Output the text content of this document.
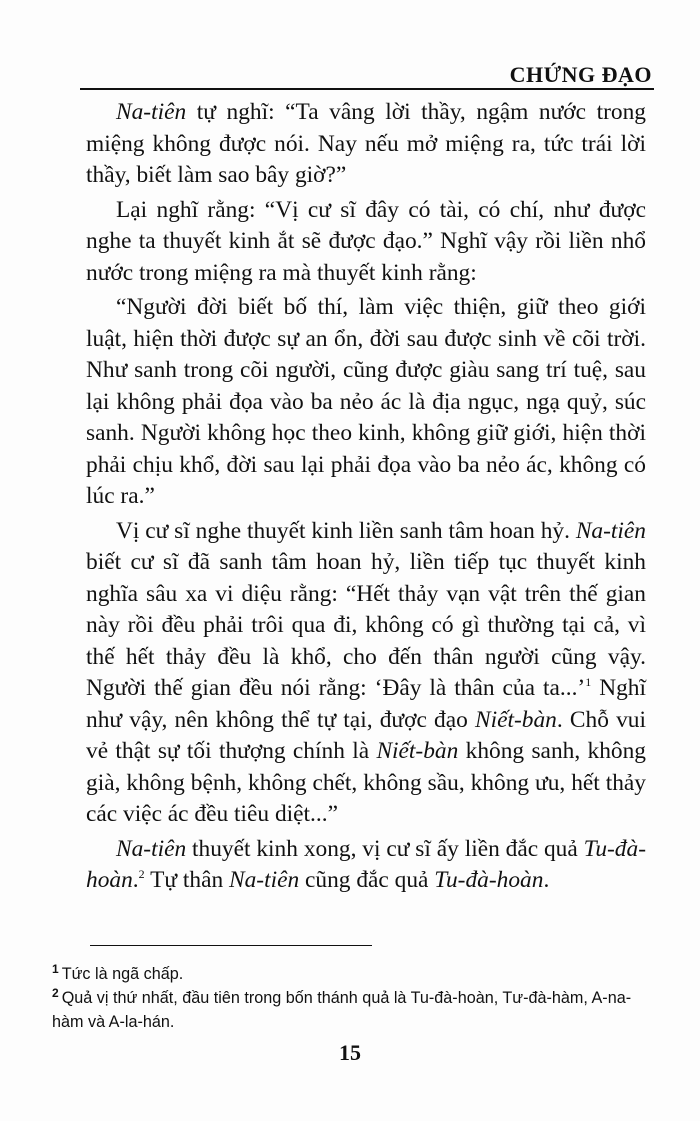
CHỨNG ĐẠO

Na-tiên tự nghĩ: “Ta vâng lời thầy, ngậm nước trong miệng không được nói. Nay nếu mở miệng ra, tức trái lời thầy, biết làm sao bây giờ?”

Lại nghĩ rằng: “Vị cư sĩ đây có tài, có chí, như được nghe ta thuyết kinh ắt sẽ được đạo.” Nghĩ vậy rồi liền nhổ nước trong miệng ra mà thuyết kinh rằng:

“Người đời biết bố thí, làm việc thiện, giữ theo giới luật, hiện thời được sự an ổn, đời sau được sinh về cõi trời. Như sanh trong cõi người, cũng được giàu sang trí tuệ, sau lại không phải đọa vào ba nẻo ác là địa ngục, ngạ quỷ, súc sanh. Người không học theo kinh, không giữ giới, hiện thời phải chịu khổ, đời sau lại phải đọa vào ba nẻo ác, không có lúc ra.”

Vị cư sĩ nghe thuyết kinh liền sanh tâm hoan hỷ. Na-tiên biết cư sĩ đã sanh tâm hoan hỷ, liền tiếp tục thuyết kinh nghĩa sâu xa vi diệu rằng: “Hết thảy vạn vật trên thế gian này rồi đều phải trôi qua đi, không có gì thường tại cả, vì thế hết thảy đều là khổ, cho đến thân người cũng vậy. Người thế gian đều nói rằng: ‘Đây là thân của ta...’$^1$ Nghĩ như vậy, nên không thể tự tại, được đạo Niết-bàn. Chỗ vui vẻ thật sự tối thượng chính là Niết-bàn không sanh, không già, không bệnh, không chết, không sầu, không ưu, hết thảy các việc ác đều tiêu diệt...”

Na-tiên thuyết kinh xong, vị cư sĩ ấy liền đắc quả Tu-đà-hoàn.$^2$ Tự thân Na-tiên cũng đắc quả Tu-đà-hoàn.

$^1$ Tức là ngã chấp.

$^2$ Quả vị thứ nhất, đầu tiên trong bốn thánh quả là Tu-đà-hoàn, Tư-đà-hàm, A-na-hàm và A-la-hán.

15
